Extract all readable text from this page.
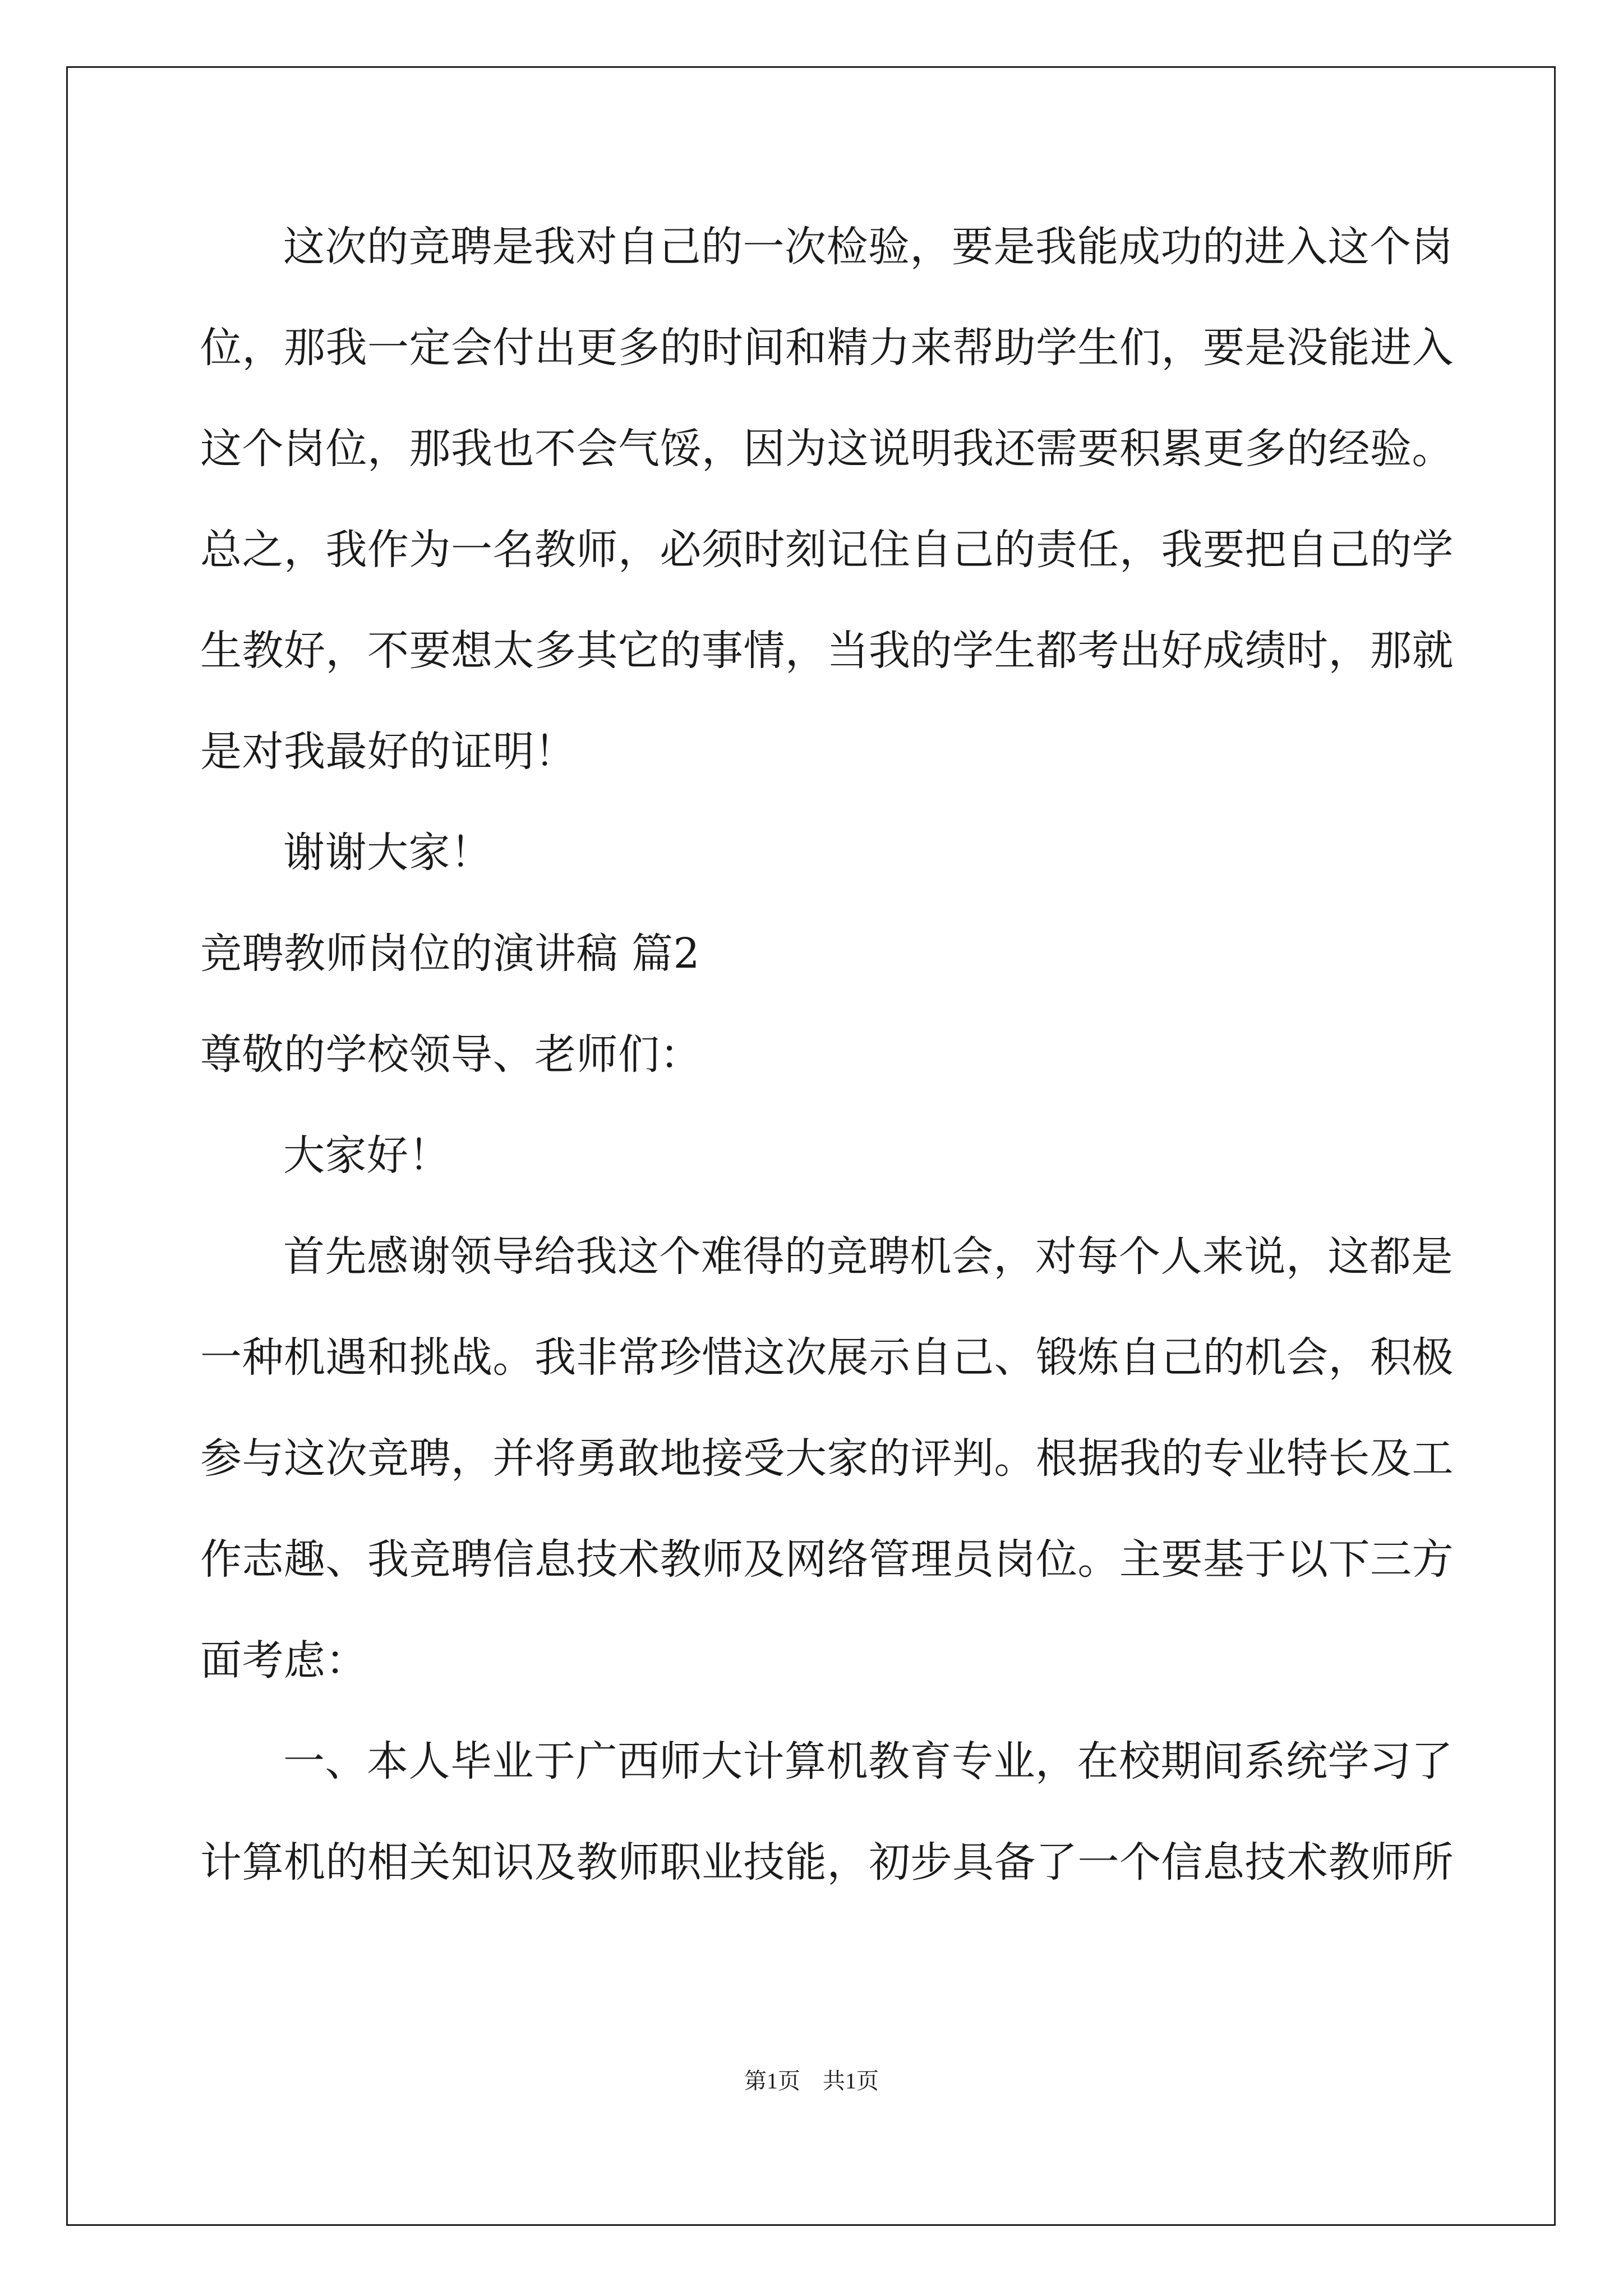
这次的竞聘是我对自己的一次检验，要是我能成功的进入这个岗
位，那我一定会付出更多的时间和精力来帮助学生们，要是没能进入
这个岗位，那我也不会气馁，因为这说明我还需要积累更多的经验。
总之，我作为一名教师，必须时刻记住自己的责任，我要把自己的学
生教好，不要想太多其它的事情，当我的学生都考出好成绩时，那就
是对我最好的证明！
谢谢大家！
竞聘教师岗位的演讲稿 篇2
尊敬的学校领导、老师们：
大家好！
首先感谢领导给我这个难得的竞聘机会，对每个人来说，这都是
一种机遇和挑战。我非常珍惜这次展示自己、锻炼自己的机会，积极
参与这次竞聘，并将勇敢地接受大家的评判。根据我的专业特长及工
作志趣、我竞聘信息技术教师及网络管理员岗位。主要基于以下三方
面考虑：
一、本人毕业于广西师大计算机教育专业，在校期间系统学习了
计算机的相关知识及教师职业技能，初步具备了一个信息技术教师所
第1页 共1页
